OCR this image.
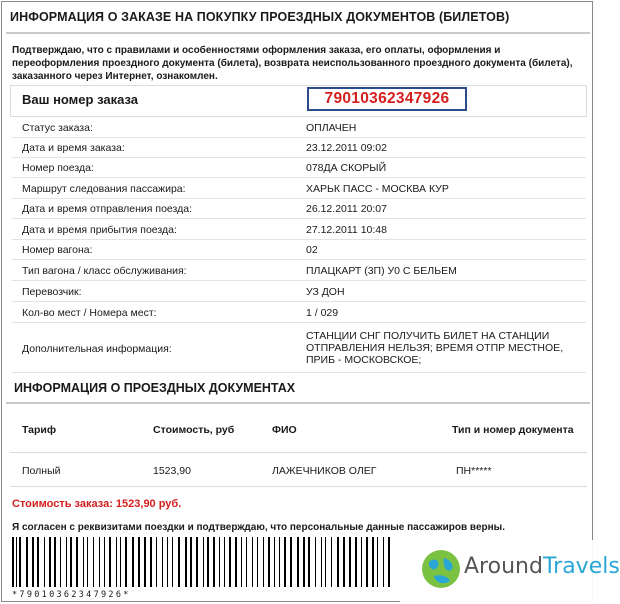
ИНФОРМАЦИЯ О ЗАКАЗЕ НА ПОКУПКУ ПРОЕЗДНЫХ ДОКУМЕНТОВ (БИЛЕТОВ)
Подтверждаю, что с правилами и особенностями оформления заказа, его оплаты, оформления и переоформления проездного документа (билета), возврата неиспользованного проездного документа (билета), заказанного через Интернет, ознакомлен.
Ваш номер заказа	79010362347926
Статус заказа:	ОПЛАЧЕН
Дата и время заказа:	23.12.2011 09:02
Номер поезда:	078ДА СКОРЫЙ
Маршрут следования пассажира:	ХАРЬК ПАСС - МОСКВА КУР
Дата и время отправления поезда:	26.12.2011 20:07
Дата и время прибытия поезда:	27.12.2011 10:48
Номер вагона:	02
Тип вагона / класс обслуживания:	ПЛАЦКАРТ (3П) У0 С БЕЛЬЕМ
Перевозчик:	УЗ ДОН
Кол-во мест / Номера мест:	1 / 029
Дополнительная информация:
СТАНЦИИ СНГ ПОЛУЧИТЬ БИЛЕТ НА СТАНЦИИ ОТПРАВЛЕНИЯ НЕЛЬЗЯ; ВРЕМЯ ОТПР МЕСТНОЕ, ПРИБ - МОСКОВСКОЕ;
ИНФОРМАЦИЯ О ПРОЕЗДНЫХ ДОКУМЕНТАХ
Тариф	Стоимость, руб	ФИО	Тип и номер документа
Полный	1523,90	ЛАЖЕЧНИКОВ ОЛЕГ	ПН*****
Стоимость заказа: 1523,90 руб.
Я согласен с реквизитами поездки и подтверждаю, что персональные данные пассажиров верны.
*79010362347926*
AroundTravels
